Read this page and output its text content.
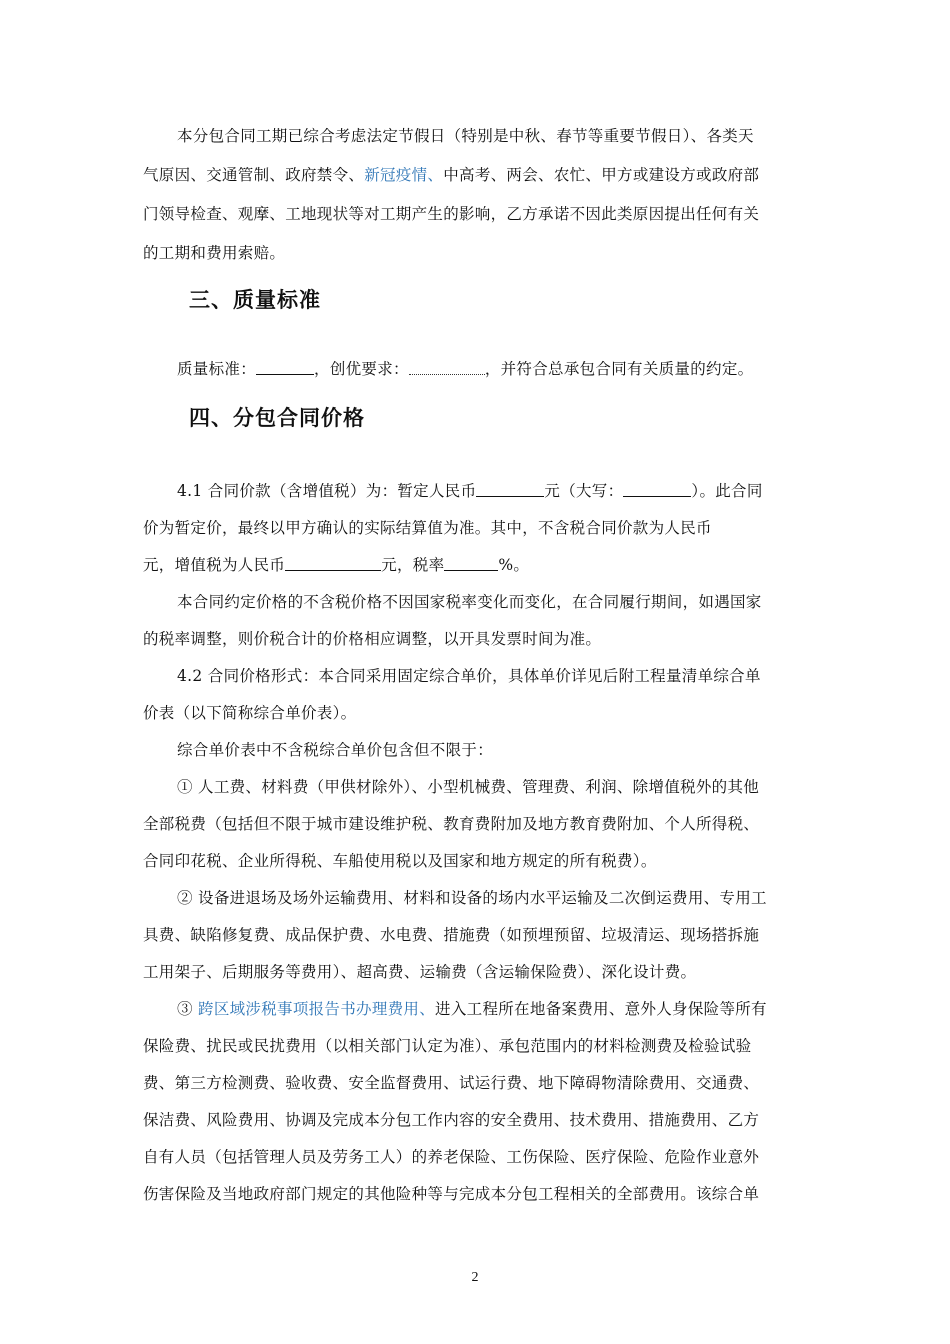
本分包合同工期已综合考虑法定节假日（特别是中秋、春节等重要节假日）、各类天
气原因、交通管制、政府禁令、新冠疫情、中高考、两会、农忙、甲方或建设方或政府部
门领导检查、观摩、工地现状等对工期产生的影响，乙方承诺不因此类原因提出任何有关
的工期和费用索赔。
三、质量标准
质量标准：	，创优要求：	，并符合总承包合同有关质量的约定。
四、分包合同价格
4.1 合同价款（含增值税）为：暂定人民币	元（大写：	）。此合同
价为暂定价，最终以甲方确认的实际结算值为准。其中，不含税合同价款为人民币
元，增值税为人民币	元，税率	%。
本合同约定价格的不含税价格不因国家税率变化而变化，在合同履行期间，如遇国家
的税率调整，则价税合计的价格相应调整，以开具发票时间为准。
4.2 合同价格形式：本合同采用固定综合单价，具体单价详见后附工程量清单综合单
价表（以下简称综合单价表）。
综合单价表中不含税综合单价包含但不限于：
① 人工费、材料费（甲供材除外）、小型机械费、管理费、利润、除增值税外的其他
全部税费（包括但不限于城市建设维护税、教育费附加及地方教育费附加、个人所得税、
合同印花税、企业所得税、车船使用税以及国家和地方规定的所有税费）。
② 设备进退场及场外运输费用、材料和设备的场内水平运输及二次倒运费用、专用工
具费、缺陷修复费、成品保护费、水电费、措施费（如预埋预留、垃圾清运、现场搭拆施
工用架子、后期服务等费用）、超高费、运输费（含运输保险费）、深化设计费。
③ 跨区域涉税事项报告书办理费用、进入工程所在地备案费用、意外人身保险等所有
保险费、扰民或民扰费用（以相关部门认定为准）、承包范围内的材料检测费及检验试验
费、第三方检测费、验收费、安全监督费用、试运行费、地下障碍物清除费用、交通费、
保洁费、风险费用、协调及完成本分包工作内容的安全费用、技术费用、措施费用、乙方
自有人员（包括管理人员及劳务工人）的养老保险、工伤保险、医疗保险、危险作业意外
伤害保险及当地政府部门规定的其他险种等与完成本分包工程相关的全部费用。该综合单
2
